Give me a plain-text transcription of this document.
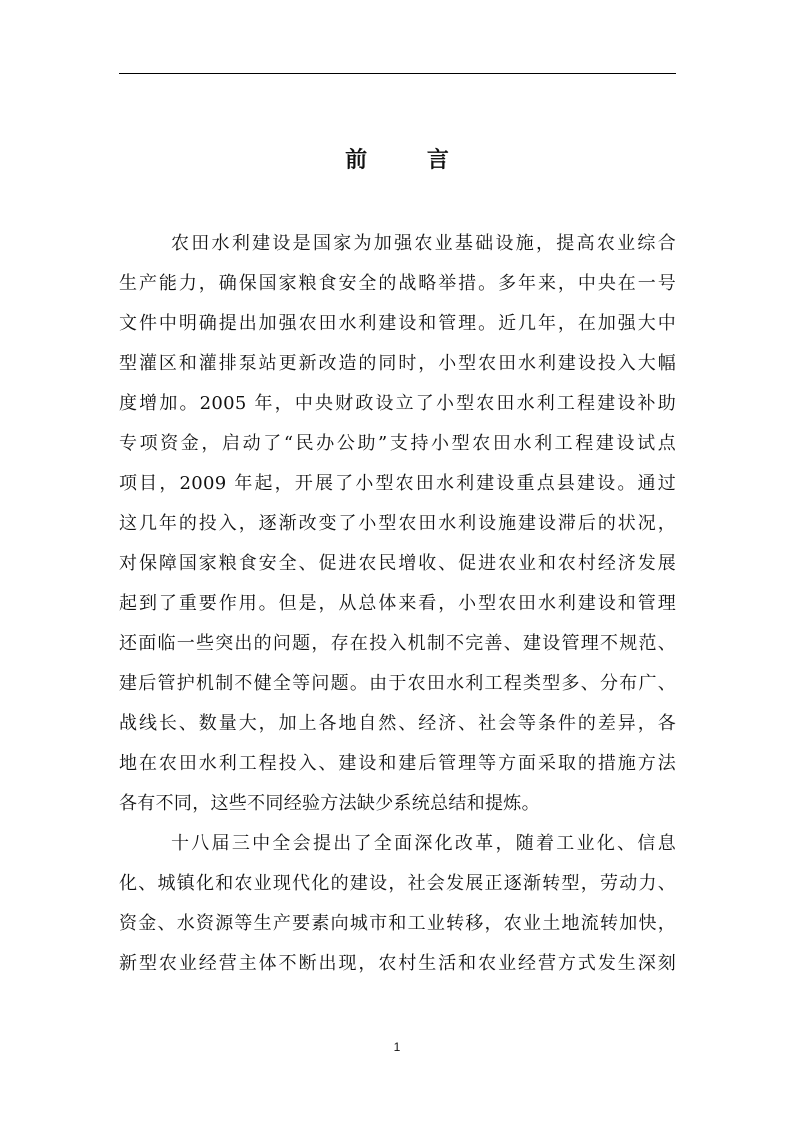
前 言
农田水利建设是国家为加强农业基础设施，提高农业综合
生产能力，确保国家粮食安全的战略举措。多年来，中央在一号
文件中明确提出加强农田水利建设和管理。近几年，在加强大中
型灌区和灌排泵站更新改造的同时，小型农田水利建设投入大幅
度增加。2005 年，中央财政设立了小型农田水利工程建设补助
专项资金，启动了“民办公助”支持小型农田水利工程建设试点
项目，2009 年起，开展了小型农田水利建设重点县建设。通过
这几年的投入，逐渐改变了小型农田水利设施建设滞后的状况，
对保障国家粮食安全、促进农民增收、促进农业和农村经济发展
起到了重要作用。但是，从总体来看，小型农田水利建设和管理
还面临一些突出的问题，存在投入机制不完善、建设管理不规范、
建后管护机制不健全等问题。由于农田水利工程类型多、分布广、
战线长、数量大，加上各地自然、经济、社会等条件的差异，各
地在农田水利工程投入、建设和建后管理等方面采取的措施方法
各有不同，这些不同经验方法缺少系统总结和提炼。
十八届三中全会提出了全面深化改革，随着工业化、信息
化、城镇化和农业现代化的建设，社会发展正逐渐转型，劳动力、
资金、水资源等生产要素向城市和工业转移，农业土地流转加快，
新型农业经营主体不断出现，农村生活和农业经营方式发生深刻
1
